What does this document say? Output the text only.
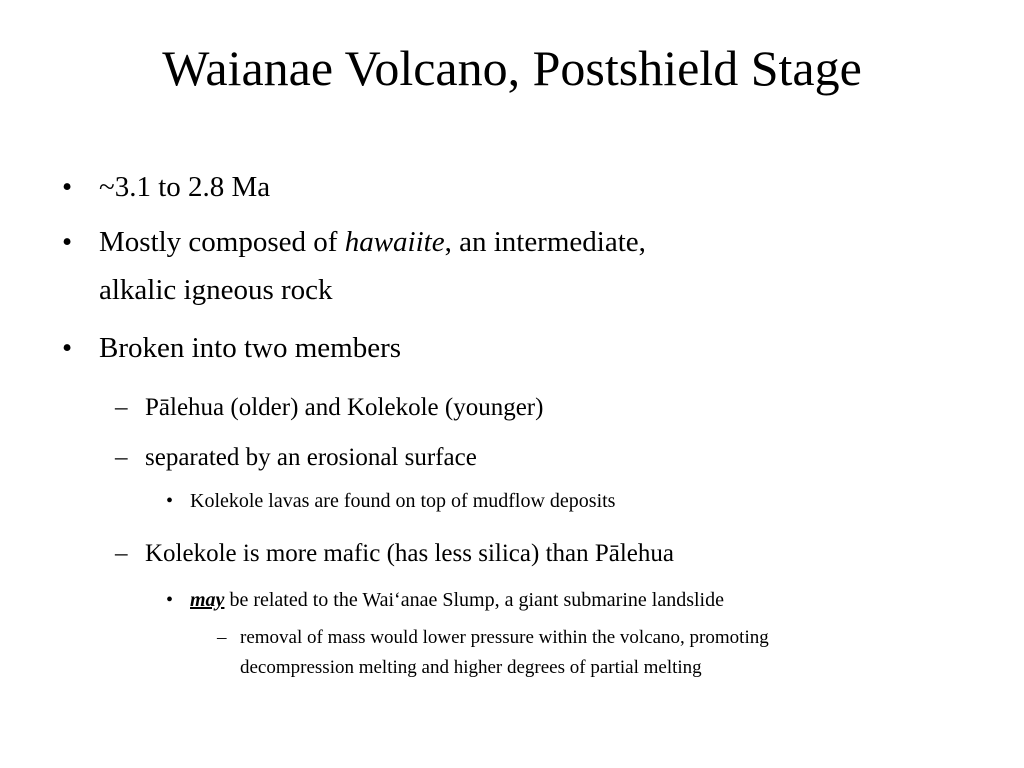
Waianae Volcano, Postshield Stage
• ~3.1 to 2.8 Ma
• Mostly composed of hawaiite, an intermediate,
alkalic igneous rock
• Broken into two members
– Pālehua (older) and Kolekole (younger)
– separated by an erosional surface
• Kolekole lavas are found on top of mudflow deposits
– Kolekole is more mafic (has less silica) than Pālehua
• may be related to the Wai‘anae Slump, a giant submarine landslide
– removal of mass would lower pressure within the volcano, promoting
decompression melting and higher degrees of partial melting
